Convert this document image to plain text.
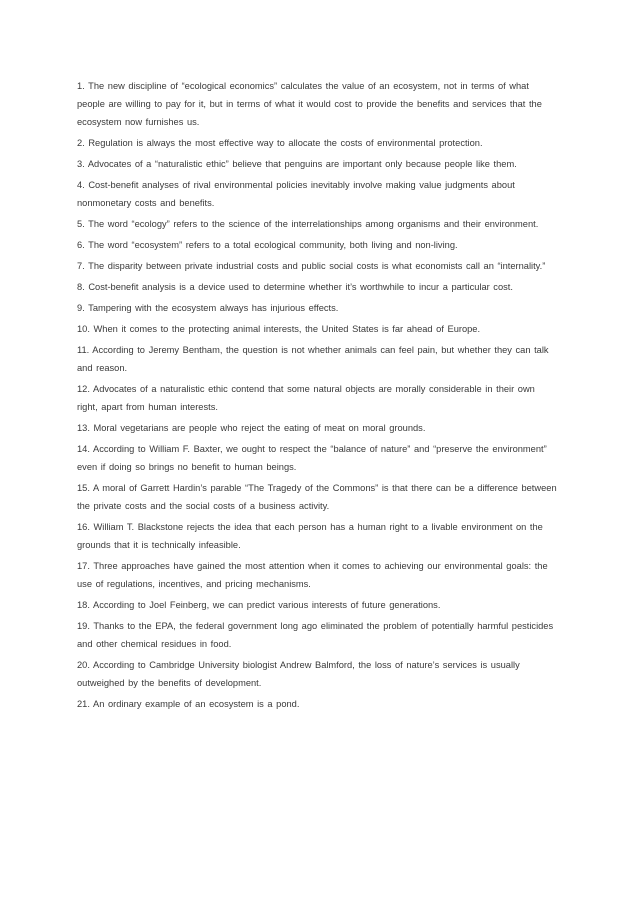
1. The new discipline of “ecological economics” calculates the value of an ecosystem, not in terms of what people are willing to pay for it, but in terms of what it would cost to provide the benefits and services that the ecosystem now furnishes us.

2. Regulation is always the most effective way to allocate the costs of environmental protection.

3. Advocates of a “naturalistic ethic” believe that penguins are important only because people like them.

4. Cost-benefit analyses of rival environmental policies inevitably involve making value judgments about nonmonetary costs and benefits.

5. The word “ecology” refers to the science of the interrelationships among organisms and their environment.

6. The word “ecosystem” refers to a total ecological community, both living and non-living.

7. The disparity between private industrial costs and public social costs is what economists call an “internality.”

8. Cost-benefit analysis is a device used to determine whether it’s worthwhile to incur a particular cost.

9. Tampering with the ecosystem always has injurious effects.

10. When it comes to the protecting animal interests, the United States is far ahead of Europe.

11. According to Jeremy Bentham, the question is not whether animals can feel pain, but whether they can talk and reason.

12. Advocates of a naturalistic ethic contend that some natural objects are morally considerable in their own right, apart from human interests.

13. Moral vegetarians are people who reject the eating of meat on moral grounds.

14. According to William F. Baxter, we ought to respect the “balance of nature” and “preserve the environment” even if doing so brings no benefit to human beings.

15. A moral of Garrett Hardin’s parable “The Tragedy of the Commons” is that there can be a difference between the private costs and the social costs of a business activity.

16. William T. Blackstone rejects the idea that each person has a human right to a livable environment on the grounds that it is technically infeasible.

17. Three approaches have gained the most attention when it comes to achieving our environmental goals: the use of regulations, incentives, and pricing mechanisms.

18. According to Joel Feinberg, we can predict various interests of future generations.

19. Thanks to the EPA, the federal government long ago eliminated the problem of potentially harmful pesticides and other chemical residues in food.

20. According to Cambridge University biologist Andrew Balmford, the loss of nature’s services is usually outweighed by the benefits of development.

21. An ordinary example of an ecosystem is a pond.
